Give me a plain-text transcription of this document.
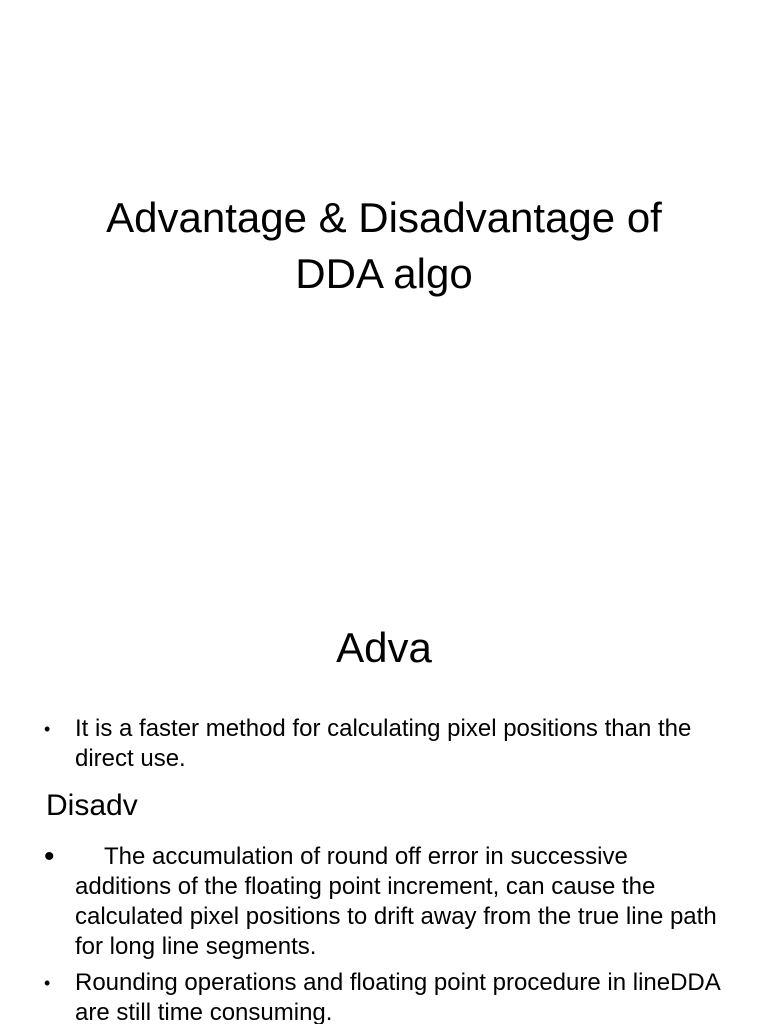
Advantage & Disadvantage of
DDA algo
Adva
•	It is a faster method for calculating pixel positions than the direct use.
Disadv
•	The accumulation of round off error in successive additions of the floating point increment, can cause the calculated pixel positions to drift away from the true line path for long line segments.
•	Rounding operations and floating point procedure in lineDDA are still time consuming.
